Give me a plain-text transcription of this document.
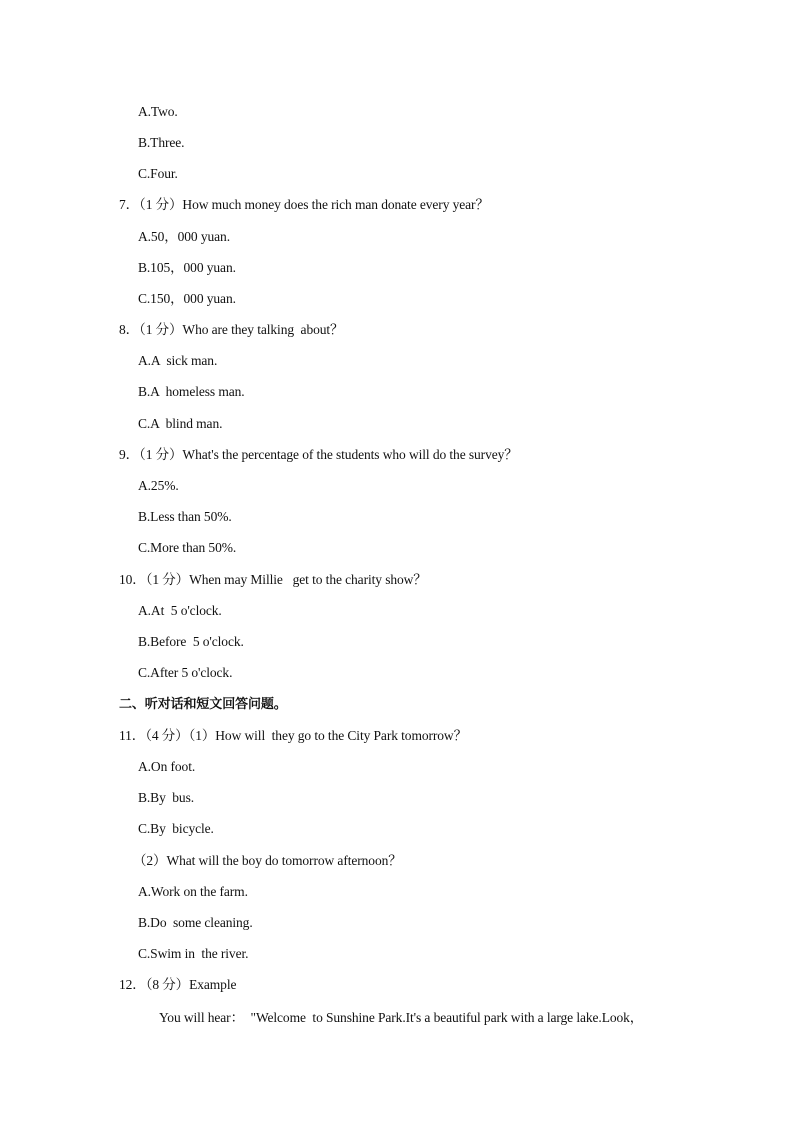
A.Two.
B.Three.
C.Four.
7．（1 分）How much money does the rich man donate every year？
A.50，000 yuan.
B.105，000 yuan.
C.150，000 yuan.
8．（1 分）Who are they talking  about？
A.A  sick man.
B.A  homeless man.
C.A  blind man.
9．（1 分）What's the percentage of the students who will do the survey？
A.25%.
B.Less than 50%.
C.More than 50%.
10．（1 分）When may Millie   get to the charity show？
A.At  5 o'clock.
B.Before  5 o'clock.
C.After 5 o'clock.
二、听对话和短文回答问题。
11．（4 分）（1）How will  they go to the City Park tomorrow？
A.On foot.
B.By  bus.
C.By  bicycle.
（2）What will the boy do tomorrow afternoon？
A.Work on the farm.
B.Do  some cleaning.
C.Swim in  the river.
12．（8 分）Example
You will hear：  "Welcome  to Sunshine Park.It's a beautiful park with a large lake.Look，
